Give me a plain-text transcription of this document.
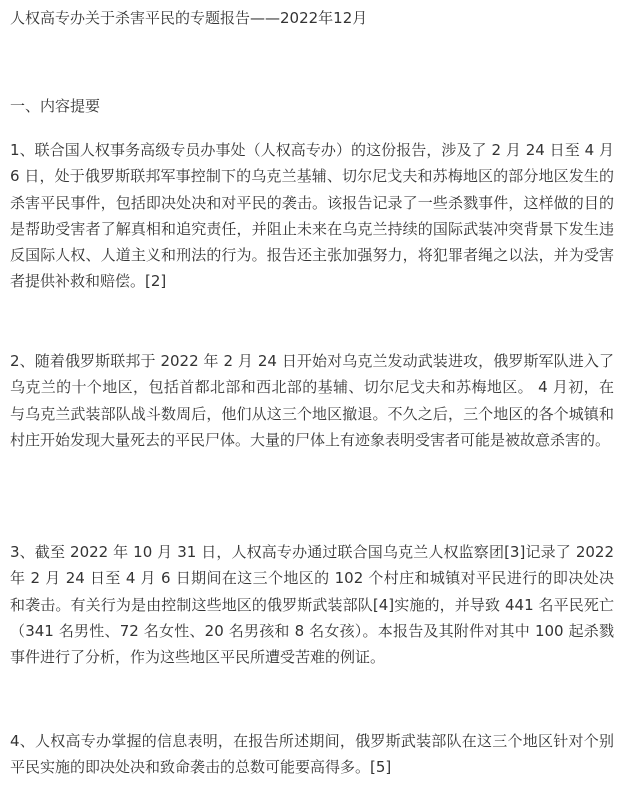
人权高专办关于杀害平民的专题报告——2022年12月
一、内容提要

1、联合国人权事务高级专员办事处（人权高专办）的这份报告，涉及了 2 月 24 日至 4 月 6 日，处于俄罗斯联邦军事控制下的乌克兰基辅、切尔尼戈夫和苏梅地区的部分地区发生的杀害平民事件，包括即决处决和对平民的袭击。该报告记录了一些杀戮事件，这样做的目的是帮助受害者了解真相和追究责任，并阻止未来在乌克兰持续的国际武装冲突背景下发生违反国际人权、人道主义和刑法的行为。报告还主张加强努力，将犯罪者绳之以法，并为受害者提供补救和赔偿。[2]

2、随着俄罗斯联邦于 2022 年 2 月 24 日开始对乌克兰发动武装进攻，俄罗斯军队进入了乌克兰的十个地区，包括首都北部和西北部的基辅、切尔尼戈夫和苏梅地区。 4 月初，在与乌克兰武装部队战斗数周后，他们从这三个地区撤退。不久之后，三个地区的各个城镇和村庄开始发现大量死去的平民尸体。大量的尸体上有迹象表明受害者可能是被故意杀害的。

3、截至 2022 年 10 月 31 日，人权高专办通过联合国乌克兰人权监察团[3]记录了 2022 年 2 月 24 日至 4 月 6 日期间在这三个地区的 102 个村庄和城镇对平民进行的即决处决和袭击。有关行为是由控制这些地区的俄罗斯武装部队[4]实施的，并导致 441 名平民死亡（341 名男性、72 名女性、20 名男孩和 8 名女孩）。本报告及其附件对其中 100 起杀戮事件进行了分析，作为这些地区平民所遭受苦难的例证。

4、人权高专办掌握的信息表明，在报告所述期间，俄罗斯武装部队在这三个地区针对个别平民实施的即决处决和致命袭击的总数可能要高得多。[5]
